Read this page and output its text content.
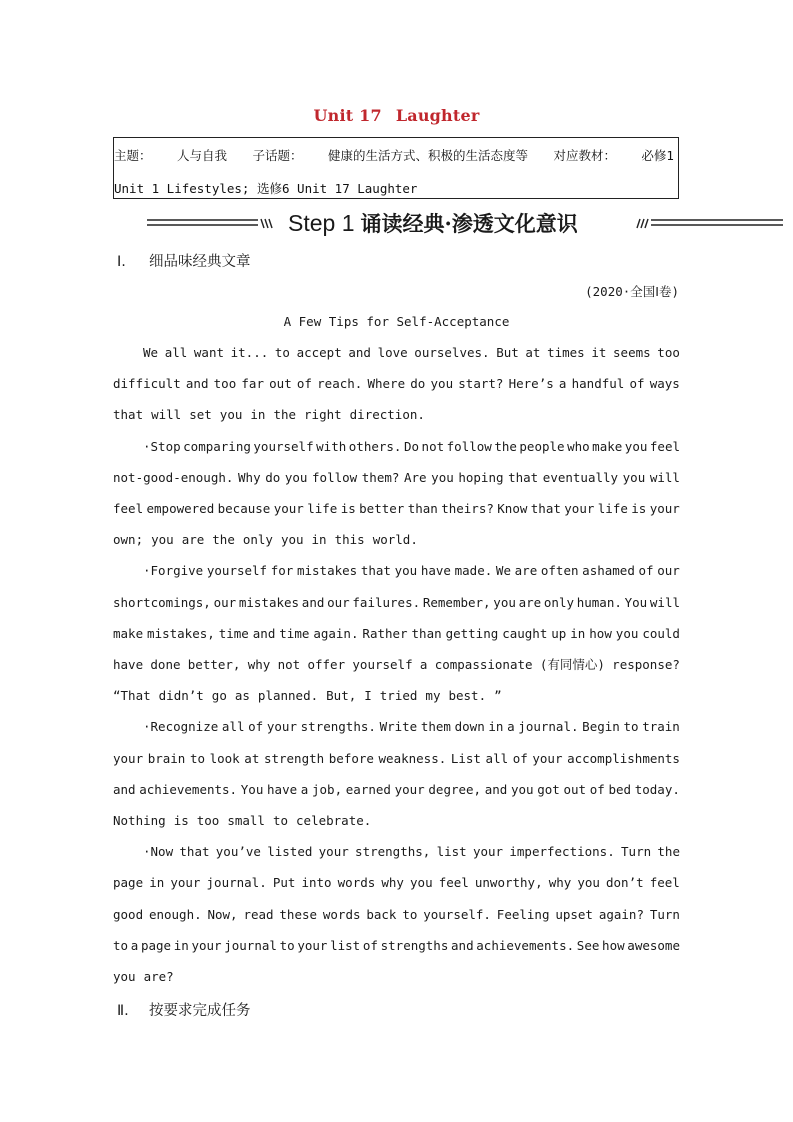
Unit 17 Laughter
主题： 人与自我 子话题： 健康的生活方式、积极的生活态度等 对应教材： 必修1
Unit 1 Lifestyles; 选修6 Unit 17 Laughter
Step 1 诵读经典·渗透文化意识
Ⅰ. 细品味经典文章
(2020·全国Ⅰ卷)
A Few Tips for Self-Acceptance
We all want it... to accept and love ourselves. But at times it seems too
difficult and too far out of reach. Where do you start? Here’s a handful of ways
that will set you in the right direction.
·Stop comparing yourself with others. Do not follow the people who make you feel
not-good-enough. Why do you follow them? Are you hoping that eventually you will
feel empowered because your life is better than theirs? Know that your life is your
own; you are the only you in this world.
·Forgive yourself for mistakes that you have made. We are often ashamed of our
shortcomings, our mistakes and our failures. Remember, you are only human. You will
make mistakes, time and time again. Rather than getting caught up in how you could
have done better, why not offer yourself a compassionate (有同情心) response?
“That didn’t go as planned. But, I tried my best. ”
·Recognize all of your strengths. Write them down in a journal. Begin to train
your brain to look at strength before weakness. List all of your accomplishments
and achievements. You have a job, earned your degree, and you got out of bed today.
Nothing is too small to celebrate.
·Now that you’ve listed your strengths, list your imperfections. Turn the
page in your journal. Put into words why you feel unworthy, why you don’t feel
good enough. Now, read these words back to yourself. Feeling upset again? Turn
to a page in your journal to your list of strengths and achievements. See how awesome
you are?
Ⅱ. 按要求完成任务
